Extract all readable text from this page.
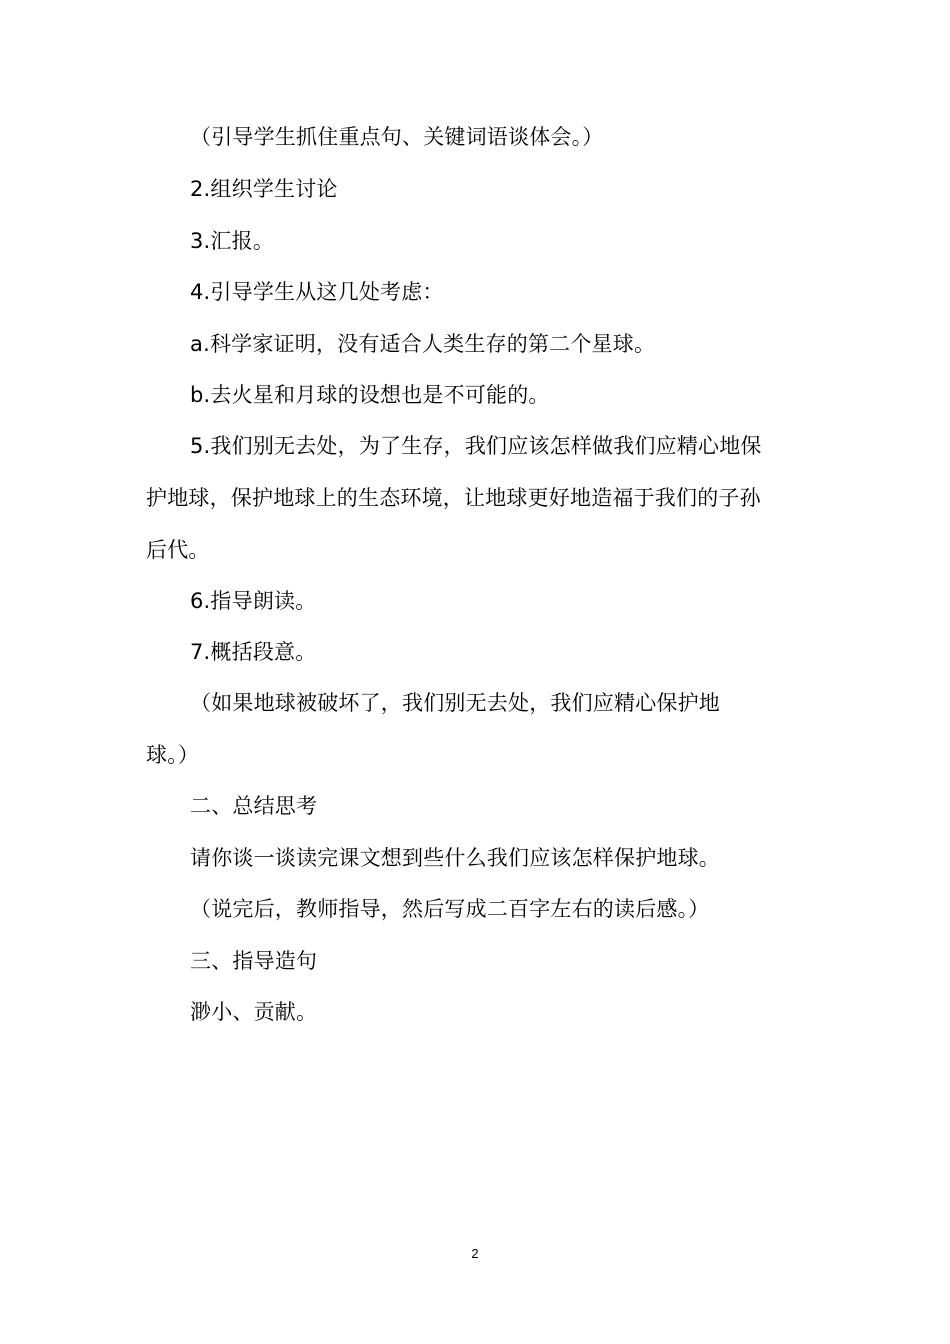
（引导学生抓住重点句、关键词语谈体会。）
2.组织学生讨论
3.汇报。
4.引导学生从这几处考虑：
a.科学家证明，没有适合人类生存的第二个星球。
b.去火星和月球的设想也是不可能的。
5.我们别无去处，为了生存，我们应该怎样做我们应精心地保
护地球，保护地球上的生态环境，让地球更好地造福于我们的子孙
后代。
6.指导朗读。
7.概括段意。
（如果地球被破坏了，我们别无去处，我们应精心保护地
球。）
二、总结思考
请你谈一谈读完课文想到些什么我们应该怎样保护地球。
（说完后，教师指导，然后写成二百字左右的读后感。）
三、指导造句
渺小、贡献。
2
